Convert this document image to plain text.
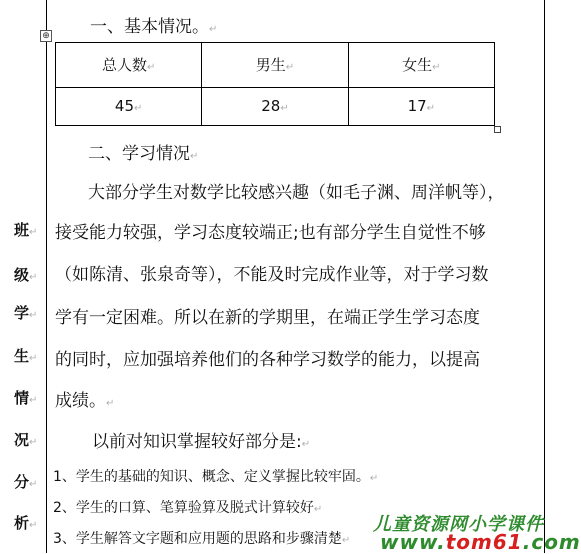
⊕ 一、基本情况。↵
总人数↵	男生↵	女生↵
45↵	28↵	17↵
二、学习情况↵
大部分学生对数学比较感兴趣（如毛子渊、周洋帆等），
接受能力较强，学习态度较端正;也有部分学生自觉性不够
（如陈清、张泉奇等），不能及时完成作业等，对于学习数
学有一定困难。所以在新的学期里，在端正学生学习态度
的同时，应加强培养他们的各种学习数学的能力，以提高
成绩。↵
班↵
级↵
学↵
生↵
情↵
况↵
分↵
析↵
以前对知识掌握较好部分是:↵
1、学生的基础的知识、概念、定义掌握比较牢固。↵
2、学生的口算、笔算验算及脱式计算较好↵
3、学生解答文字题和应用题的思路和步骤清楚↵
儿童资源网小学课件
www.tom61.com
